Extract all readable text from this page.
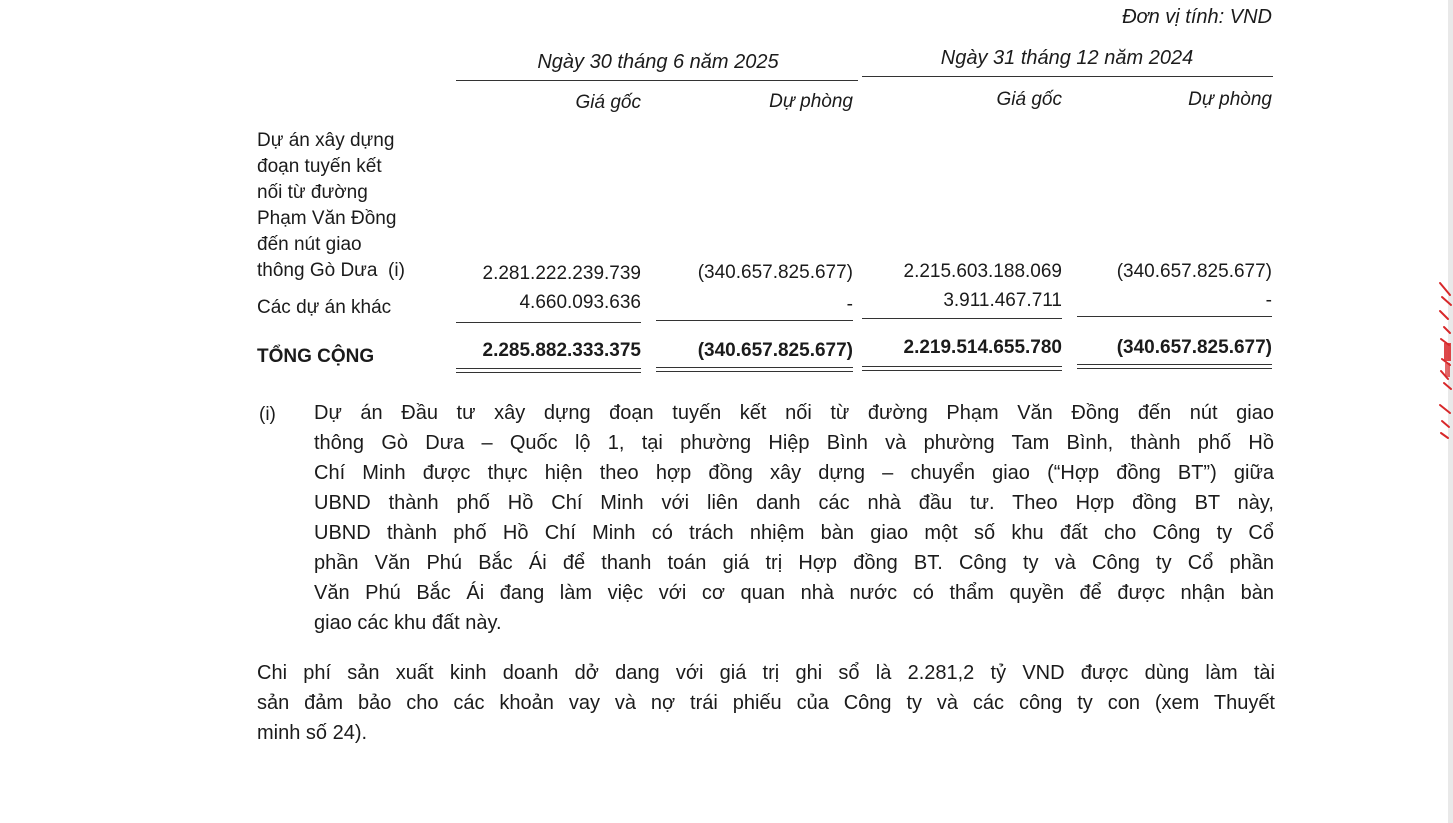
Đơn vị tính: VND
Ngày 30 tháng 6 năm 2025	Ngày 31 tháng 12 năm 2024
Giá gốc	Dự phòng	Giá gốc	Dự phòng
Dự án xây dựng
đoạn tuyến kết
nối từ đường
Phạm Văn Đồng
đến nút giao
thông Gò Dưa  (i)	2.281.222.239.739	(340.657.825.677)	2.215.603.188.069	(340.657.825.677)
Các dự án khác	4.660.093.636	-	3.911.467.711	-
TỔNG CỘNG	2.285.882.333.375	(340.657.825.677)	2.219.514.655.780	(340.657.825.677)
(i) Dự án Đầu tư xây dựng đoạn tuyến kết nối từ đường Phạm Văn Đồng đến nút giao
thông Gò Dưa – Quốc lộ 1, tại phường Hiệp Bình và phường Tam Bình, thành phố Hồ
Chí Minh được thực hiện theo hợp đồng xây dựng – chuyển giao (“Hợp đồng BT”) giữa
UBND thành phố Hồ Chí Minh với liên danh các nhà đầu tư. Theo Hợp đồng BT này,
UBND thành phố Hồ Chí Minh có trách nhiệm bàn giao một số khu đất cho Công ty Cổ
phần Văn Phú Bắc Ái để thanh toán giá trị Hợp đồng BT. Công ty và Công ty Cổ phần
Văn Phú Bắc Ái đang làm việc với cơ quan nhà nước có thẩm quyền để được nhận bàn
giao các khu đất này.
Chi phí sản xuất kinh doanh dở dang với giá trị ghi sổ là 2.281,2 tỷ VND được dùng làm tài
sản đảm bảo cho các khoản vay và nợ trái phiếu của Công ty và các công ty con (xem Thuyết
minh số 24).
